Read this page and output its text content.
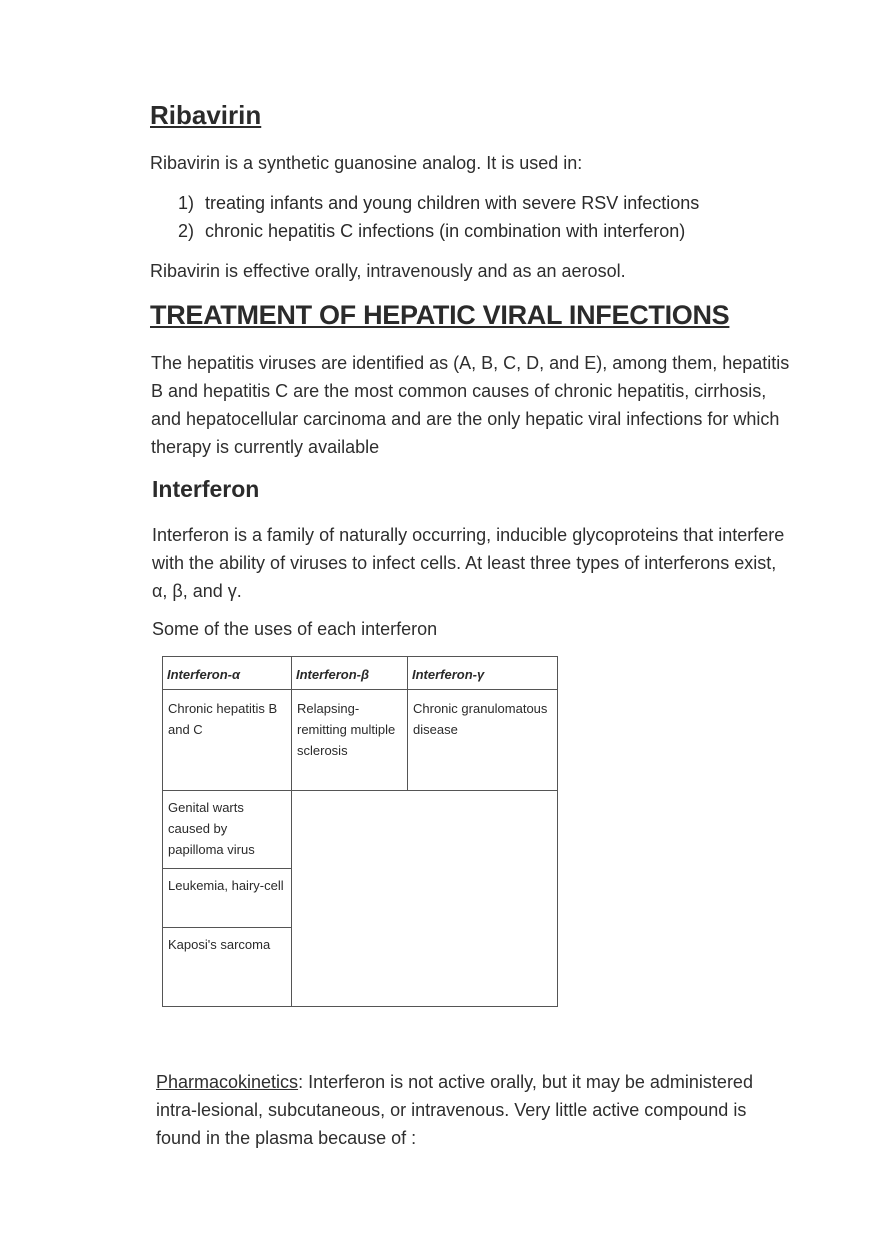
Ribavirin
Ribavirin is a synthetic guanosine analog. It is used in:
1) treating infants and young children with severe RSV infections
2) chronic hepatitis C infections (in combination with interferon)
Ribavirin is effective orally, intravenously and as an aerosol.
TREATMENT OF HEPATIC VIRAL INFECTIONS
The hepatitis viruses are identified as (A, B, C, D, and E), among them, hepatitis B and hepatitis C are the most common causes of chronic hepatitis, cirrhosis, and hepatocellular carcinoma and are the only hepatic viral infections for which therapy is currently available
Interferon
Interferon is a family of naturally occurring, inducible glycoproteins that interfere with the ability of viruses to infect cells. At least three types of interferons exist, α, β, and γ.
Some of the uses of each interferon
Interferon-α	Interferon-β	Interferon-γ
Chronic hepatitis B and C	Relapsing-remitting multiple sclerosis	Chronic granulomatous disease
Genital warts caused by papilloma virus		
Leukemia, hairy-cell		
Kaposi's sarcoma		
Pharmacokinetics: Interferon is not active orally, but it may be administered intra-lesional, subcutaneous, or intravenous. Very little active compound is found in the plasma because of :
